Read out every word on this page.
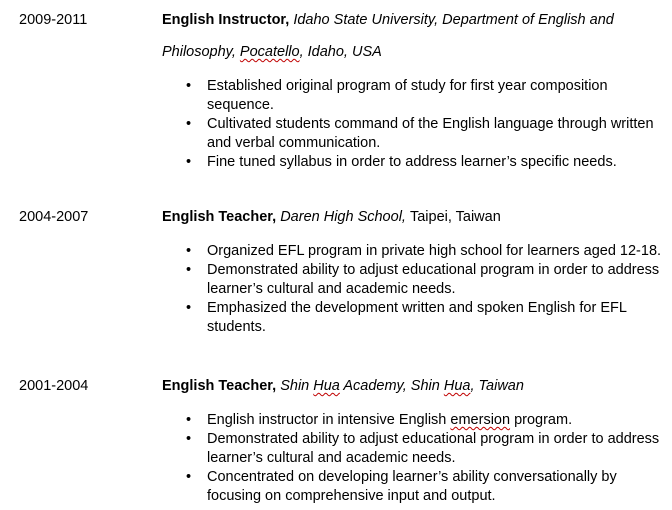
2009-2011	English Instructor, Idaho State University, Department of English and
Philosophy, Pocatello, Idaho, USA
• Established original program of study for first year composition
sequence.
• Cultivated students command of the English language through written
and verbal communication.
• Fine tuned syllabus in order to address learner’s specific needs.
2004-2007	English Teacher, Daren High School, Taipei, Taiwan
• Organized EFL program in private high school for learners aged 12-18.
• Demonstrated ability to adjust educational program in order to address
learner’s cultural and academic needs.
• Emphasized the development written and spoken English for EFL
students.
2001-2004	English Teacher, Shin Hua Academy, Shin Hua, Taiwan
• English instructor in intensive English emersion program.
• Demonstrated ability to adjust educational program in order to address
learner’s cultural and academic needs.
• Concentrated on developing learner’s ability conversationally by
focusing on comprehensive input and output.
